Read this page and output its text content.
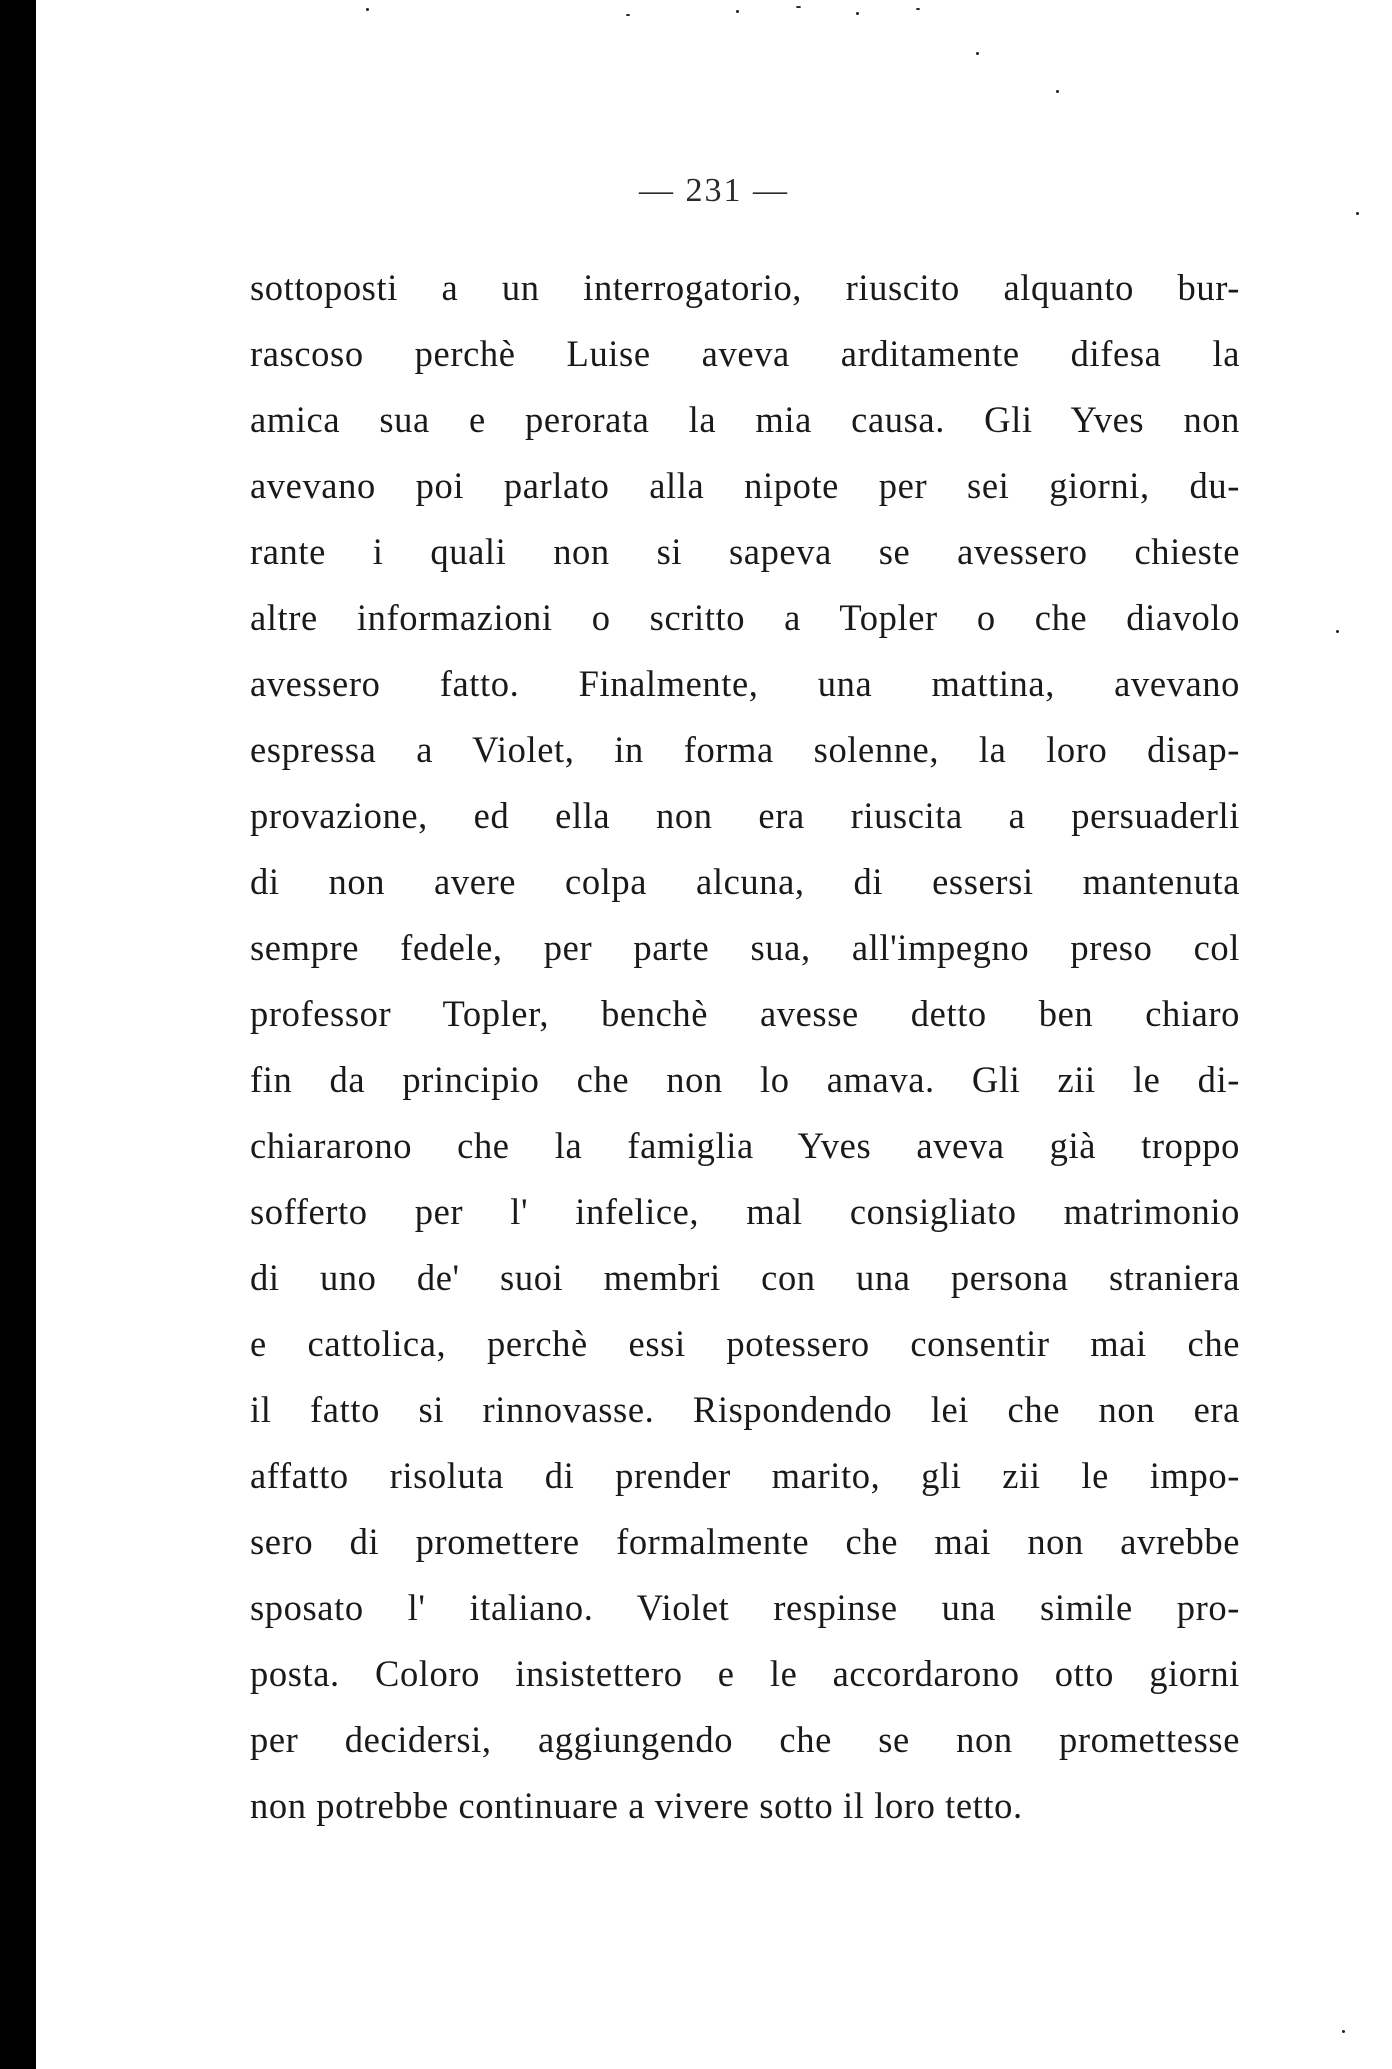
— 231 —
sottoposti a un interrogatorio, riuscito alquanto bur-
rascoso perchè Luise aveva arditamente difesa la
amica sua e perorata la mia causa. Gli Yves non
avevano poi parlato alla nipote per sei giorni, du-
rante i quali non si sapeva se avessero chieste
altre informazioni o scritto a Topler o che diavolo
avessero fatto. Finalmente, una mattina, avevano
espressa a Violet, in forma solenne, la loro disap-
provazione, ed ella non era riuscita a persuaderli
di non avere colpa alcuna, di essersi mantenuta
sempre fedele, per parte sua, all'impegno preso col
professor Topler, benchè avesse detto ben chiaro
fin da principio che non lo amava. Gli zii le di-
chiararono che la famiglia Yves aveva già troppo
sofferto per l' infelice, mal consigliato matrimonio
di uno de' suoi membri con una persona straniera
e cattolica, perchè essi potessero consentir mai che
il fatto si rinnovasse. Rispondendo lei che non era
affatto risoluta di prender marito, gli zii le impo-
sero di promettere formalmente che mai non avrebbe
sposato l' italiano. Violet respinse una simile pro-
posta. Coloro insistettero e le accordarono otto giorni
per decidersi, aggiungendo che se non promettesse
non potrebbe continuare a vivere sotto il loro tetto.
